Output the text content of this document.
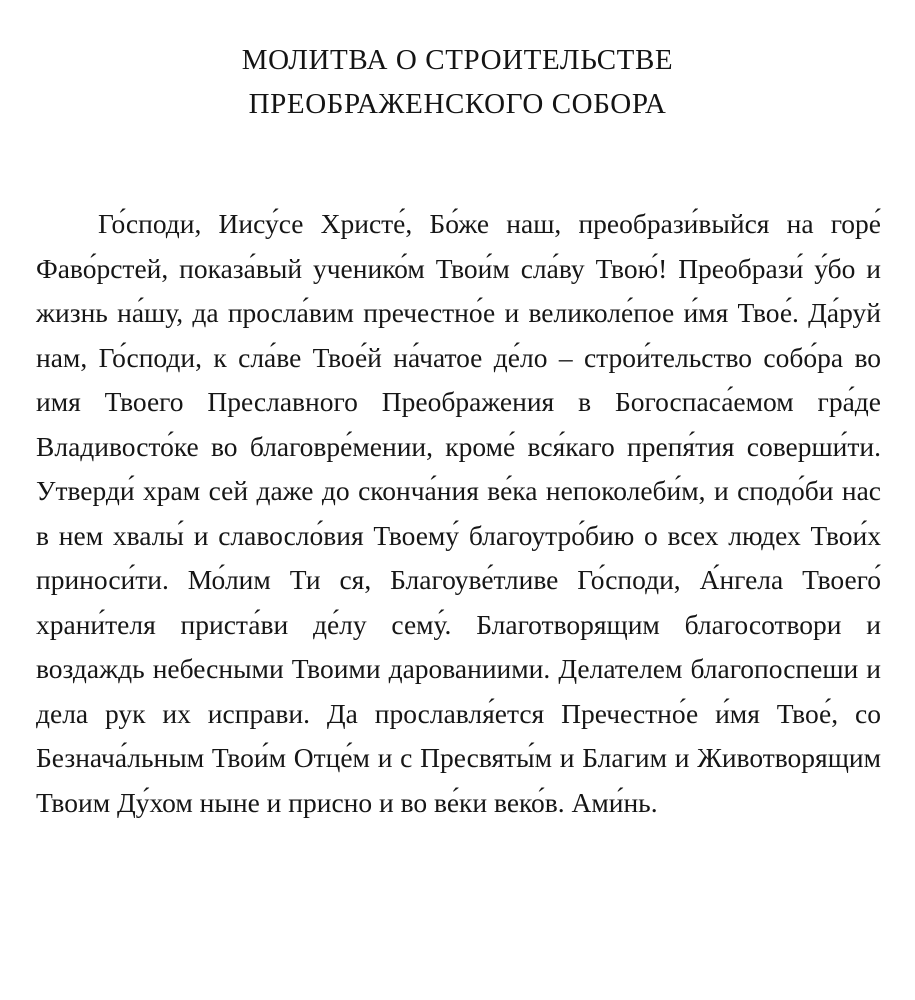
МОЛИТВА О СТРОИТЕЛЬСТВЕ
ПРЕОБРАЖЕНСКОГО СОБОРА
Го́споди, Иису́се Христе́, Бо́же наш, преобрази́выйся на горе́ Фаво́рстей, показа́вый ученико́м Твои́м сла́ву Твою́! Преобрази́ у́бо и жизнь на́шу, да просла́вим пречестно́е и великоле́пое и́мя Твое́. Да́руй нам, Го́споди, к сла́ве Твое́й на́чатое де́ло – строи́тельство собо́ра во имя Твоего Преславного Преображения в Богоспаса́емом гра́де Владивосто́ке во благовре́мении, кроме́ вся́каго препя́тия соверши́ти. Утверди́ храм сей даже до сконча́ния ве́ка непоколеби́м, и сподо́би нас в нем хвалы́ и славосло́вия Твоему́ благоутро́бию о всех людех Твои́х приноси́ти. Мо́лим Ти ся, Благоуве́тливе Го́споди, А́нгела Твоего́ храни́теля приста́ви де́лу сему́. Благотворящим благосотвори и воздаждь небесными Твоими дарованиими. Делателем благопоспеши и дела рук их исправи. Да прославля́ется Пречестно́е и́мя Твое́, со Безнача́льным Твои́м Отце́м и с Пресвяты́м и Благим и Животворящим Твоим Ду́хом ныне и присно и во ве́ки веко́в. Ами́нь.
